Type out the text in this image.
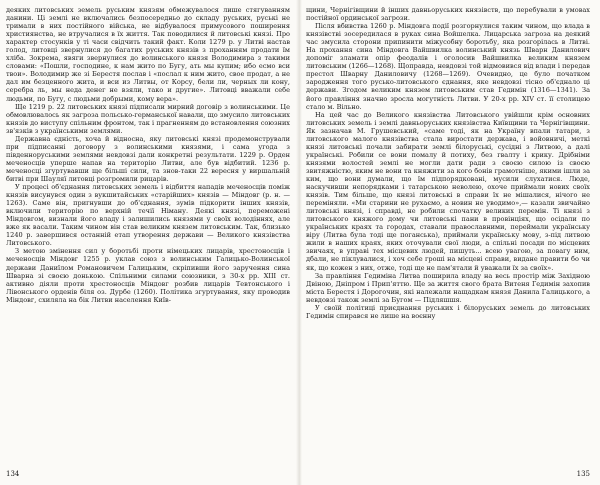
деяких литовських земель руським князям обмежувалося лише стягуванням данини. Ці землі не включались безпосередньо до складу руських, руські не тримали в них постійного війська, не відбувалося примусового поширення християнства, не втручалися в їх життя. Так поводилися й литовські князі. Про характер стосунків у ті часи свідчить такий факт. Коли 1279 р. у Литві настав голод, литовці звернулися до багатих руських князів з проханням продати їм хліба. Зокрема, явяги звернулися до волинського князя Володимира з такими словами: «Пошли, господине, к нам жито по Бугу, ать мы купим; ибо есмо вси твои». Володимир же зі Берестя послав і «послал к ним жито, свое продат, а не дал им безценного жита, и вси из Литвы, от Корсу, бели ли, черных ли кону, серебра ль, мы неда денег не взяли, тако и другие». Литовці вважали себе людьми, по Бугу, с людьми добрыми, кому вера».

Ще 1219 р. 22 литовських князі підписали мирний договір з волинськими. Це обмовлювалось як загроза польсько-германської навали, що змусило литовських князів до виступу спільним фронтом, так і прагненням до встановлення союзних зв'язків з українськими землями.

Державна єдність, хоча й відносна, яку литовські князі продемонстрували при підписанні договору з волинськими князями, і сама угода з південноруськими землями невдовзі дали конкретні результати. 1229 р. Орден меченосців уперше напав на територію Литви, але був відбитий. 1236 р. меченосці згуртувавши ще більші сили, та знов-таки 22 вересня у виршальній битві при Шауляї литовці розгромили рицарів.

У процесі об'єднання литовських земель і відбиття нападів меченосців поміж князів висунувся один з вукшитайських «старійших» князів — Міндовг (р. н. — 1263). Саме він, пригнувши до об'єднання, зумів підкорити інших князів, включили територію по верхній течії Німану. Деякі князі, переможені Міндовгом, визнали його владу і залишились князями у своїх володіннях, але вже як васали. Таким чином він став великим князем литовським. Так, близько 1240 р. завершився останній етап утворення держави — Великого князівства Литовського.

З метою змінення сил у боротьбі проти німецьких лицарів, хрестоносців і меченосців Міндовг 1255 р. уклав союз з волинським Галицько-Волинської держави Даниїлом Романовичем Галицьким, скріпивши його заручення сина Шварна зі своєю донькою. Спільними силами союзники, з 30-х рр. XIII ст. активно діяли проти хрестоносців Міндовг розбив лицарів Тевтонського і Лівонського орденів біля оз. Дурбе (1260). Політика згуртування, яку проводив Міндовг, схиляла на бік Литви населення Київ-

134

щини, Чернігівщини й інших давньоруських князівств, що перебували в умовах постійної ординської загрози.

Після вбивства 1260 р. Міндовга події розгорнулися таким чином, що влада в князівстві зосередилася в руках сина Войшелка. Лицарська загроза на деякий час змусила сторони припинити міжусобну боротьбу, яка розгорілась в Литві. На прохання сина Міндовга Вайшвилка волинський князь Шварн Данилович допоміг зламати опір феодалів і оголосив Вайшвилка великим князем литовським (1266—1268). Щоправда, невдовзі той відмовився від влади і передав престол Шварну Даниловичу (1268—1269). Очевидно, це було початком зародження того руськo-литовського єднання, яке невдовзі тісно об'єднало ці держави. Згодом великим князем литовським став Гедимін (1316—1341). За його правління значно зросла могутність Литви. У 20-х рр. XIV ст. її столицею стало м. Вільно.

На цей час до Великого князівства Литовського увійшли крім основних литовських земель і землі давньоруських князівства Київщини та Чернігівщини. Як зазначав М. Грушевський, «саме тоді, як на Україну впали татари, з литовського малого князівства стала вироcтати держава, і войовничі, меткі князі литовські почали забирати землі білоруські, сусідні з Литвою, а далі українські. Робили се вони помалу й потиху, без гвалту і крику. Дрібніми князями волостей землі не могли дати ради з своєю силою із своєю звитяжністю, яким не вони та княжити за кого бонів грамотніше, якими ішли за ким, що вони думали, що їм підпорядковані, мусили слухатися. Люде, наскучивши непорядками і татарською неволею, охоче приймали нових своїх князів. Тим більше, що князі литовські в справи їх не мішалися, нічого не переміняли. «Ми старини не рухаємо, а новин не уводимо»,— казали звичайно литовські князі, і справді, не робили спочатку великих перемін. Ті князі з литовського княжого дому чи литовські пани в провінціях, що осідали по українських краях та городах, ставали православними, переймали українську віру (Литва була тоді ще поганська), приймали українську мову, з-під литвою жили в наших краях, яких оточували свої люди, а спільні посади по місцевих звичаях, в управі тех місцевих людей, пишуть... всею увагою, за повагу ним, дбали, не піклувалися, і хоч себе гроші на місцеві справи, видане правити бо чи як, що кожен з них, отже, тоді ще не пам'ятали й уважали їх за своїх».

За правління Гедиміна Литва поширила владу на весь простір між Західною Двіною, Дніпром і Прип'яттю. Ще за життя свого брата Витеня Гедимін захопив міста Берестя і Дорогочин, які належали нащадкам князя Данила Галицького, а невдовзі також землі за Бугом — Підляшшя.

У своїй політиці приєднання руських і білоруських земель до литовських Гедимін спирався не лише на воєнну

135
